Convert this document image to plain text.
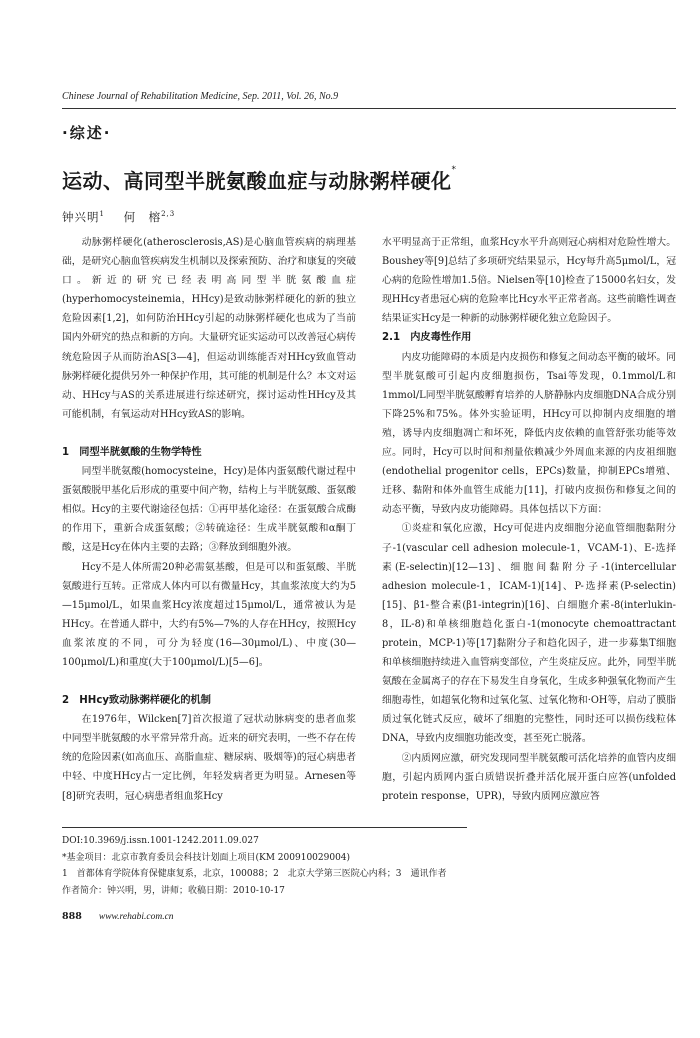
Chinese Journal of Rehabilitation Medicine, Sep. 2011, Vol. 26, No.9
·综述·
运动、高同型半胱氨酸血症与动脉粥样硬化*
钟兴明$^1$ 何　榕$^{2,3}$

动脉粥样硬化(atherosclerosis,AS)是心脑血管疾病的病理基础，是研究心脑血管疾病发生机制以及探索预防、治疗和康复的突破口。新近的研究已经表明高同型半胱氨酸血症(hyperhomocysteinemia，HHcy)是致动脉粥样硬化的新的独立危险因素[1,2]，如何防治HHcy引起的动脉粥样硬化也成为了当前国内外研究的热点和新的方向。大量研究证实运动可以改善冠心病传统危险因子从而防治AS[3—4]，但运动训练能否对HHcy致血管动脉粥样硬化提供另外一种保护作用，其可能的机制是什么？本文对运动、HHcy与AS的关系进展进行综述研究，探讨运动性HHcy及其可能机制，有氧运动对HHcy致AS的影响。

1　同型半胱氨酸的生物学特性

同型半胱氨酸(homocysteine，Hcy)是体内蛋氨酸代谢过程中蛋氨酸脱甲基化后形成的重要中间产物，结构上与半胱氨酸、蛋氨酸相似。Hcy的主要代谢途径包括：①再甲基化途径：在蛋氨酸合成酶的作用下，重新合成蛋氨酸；②转硫途径：生成半胱氨酸和α酮丁酸，这是Hcy在体内主要的去路；③释放到细胞外液。

Hcy不是人体所需20种必需氨基酸，但是可以和蛋氨酸、半胱氨酸进行互转。正常成人体内可以有微量Hcy，其血浆浓度大约为5—15μmol/L，如果血浆Hcy浓度超过15μmol/L，通常被认为是HHcy。在普通人群中，大约有5%—7%的人存在HHcy，按照Hcy血浆浓度的不同，可分为轻度(16—30μmol/L)、中度(30—100μmol/L)和重度(大于100μmol/L)[5—6]。

2　HHcy致动脉粥样硬化的机制

在1976年，Wilcken[7]首次报道了冠状动脉病变的患者血浆中同型半胱氨酸的水平常异常升高。近来的研究表明，一些不存在传统的危险因素(如高血压、高脂血症、糖尿病、吸烟等)的冠心病患者中轻、中度HHcy占一定比例，年轻发病者更为明显。Arnesen等[8]研究表明，冠心病患者组血浆Hcy

水平明显高于正常组，血浆Hcy水平升高则冠心病相对危险性增大。Boushey等[9]总结了多项研究结果显示，Hcy每升高5μmol/L，冠心病的危险性增加1.5倍。Nielsen等[10]检查了15000名妇女，发现HHcy者患冠心病的危险率比Hcy水平正常者高。这些前瞻性调查结果证实Hcy是一种新的动脉粥样硬化独立危险因子。

2.1　内皮毒性作用

内皮功能障碍的本质是内皮损伤和修复之间动态平衡的破坏。同型半胱氨酸可引起内皮细胞损伤，Tsai等发现，0.1mmol/L和1mmol/L同型半胱氨酸孵育培养的人脐静脉内皮细胞DNA合成分别下降25%和75%。体外实验证明，HHcy可以抑制内皮细胞的增殖，诱导内皮细胞凋亡和坏死，降低内皮依赖的血管舒张功能等效应。同时，Hcy可以时间和剂量依赖减少外周血来源的内皮祖细胞(endothelial progenitor cells，EPCs)数量，抑制EPCs增殖、迁移、黏附和体外血管生成能力[11]，打破内皮损伤和修复之间的动态平衡，导致内皮功能障碍。具体包括以下方面：

①炎症和氧化应激，Hcy可促进内皮细胞分泌血管细胞黏附分子-1(vascular cell adhesion molecule-1，VCAM-1)、E-选择素(E-selectin)[12—13]、细胞间黏附分子-1(intercellular adhesion molecule-1，ICAM-1)[14]、P-选择素(P-selectin)[15]、β1-整合素(β1-integrin)[16]、白细胞介素-8(interlukin-8，IL-8)和单核细胞趋化蛋白-1(monocyte chemoattractant protein，MCP-1)等[17]黏附分子和趋化因子，进一步募集T细胞和单核细胞持续进入血管病变部位，产生炎症反应。此外，同型半胱氨酸在金属离子的存在下易发生自身氧化，生成多种强氧化物而产生细胞毒性，如超氧化物和过氧化氢、过氧化物和·OH等，启动了膜脂质过氧化链式反应，破坏了细胞的完整性，同时还可以损伤线粒体DNA，导致内皮细胞功能改变，甚至死亡脱落。

②内质网应激，研究发现同型半胱氨酸可活化培养的血管内皮细胞，引起内质网内蛋白质错误折叠并活化展开蛋白应答(unfolded protein response，UPR)，导致内质网应激应答

DOI:10.3969/j.issn.1001-1242.2011.09.027
*基金项目：北京市教育委员会科技计划面上项目(KM 200910029004)
1　首都体育学院体育保健康复系，北京，100088；2　北京大学第三医院心内科；3　通讯作者
作者简介：钟兴明，男，讲师；收稿日期：2010-10-17
888 www.rehabi.com.cn
